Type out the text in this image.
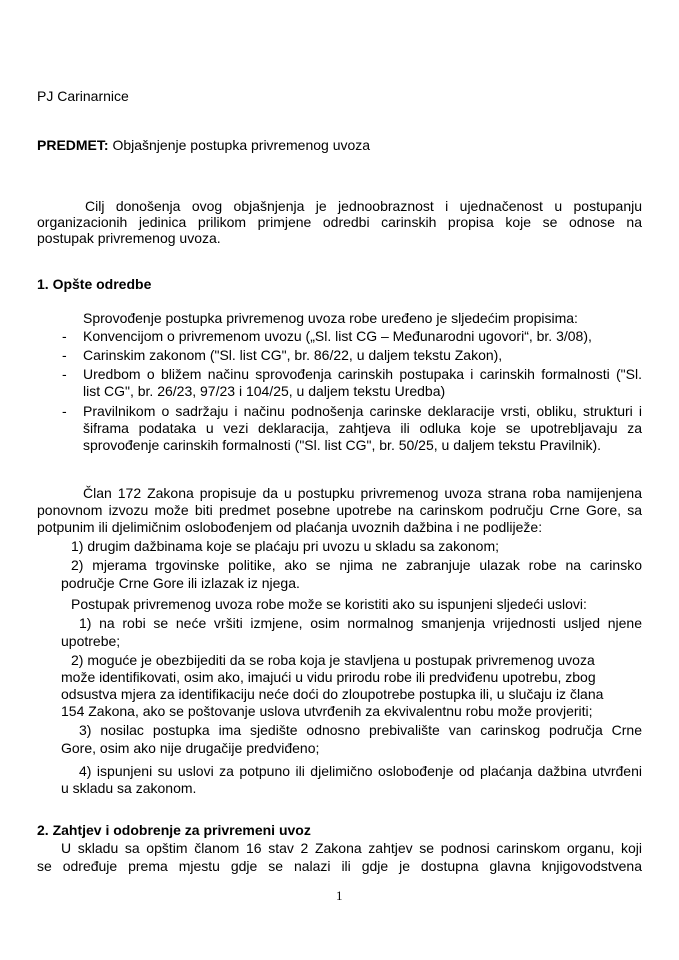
PJ Carinarnice
PREDMET: Objašnjenje postupka privremenog uvoza
Cilj donošenja ovog objašnjenja je jednoobraznost i ujednačenost u postupanju
organizacionih jedinica prilikom primjene odredbi carinskih propisa koje se odnose na
postupak privremenog uvoza.
1. Opšte odredbe
Sprovođenje postupka privremenog uvoza robe uređeno je sljedećim propisima:
- Konvencijom o privremenom uvozu („Sl. list CG – Međunarodni ugovori“, br. 3/08),
- Carinskim zakonom ("Sl. list CG", br. 86/22, u daljem tekstu Zakon),
- Uredbom o bližem načinu sprovođenja carinskih postupaka i carinskih formalnosti ("Sl.
list CG", br. 26/23, 97/23 i 104/25, u daljem tekstu Uredba)
- Pravilnikom o sadržaju i načinu podnošenja carinske deklaracije vrsti, obliku, strukturi i
šiframa podataka u vezi deklaracija, zahtjeva ili odluka koje se upotrebljavaju za
sprovođenje carinskih formalnosti ("Sl. list CG", br. 50/25, u daljem tekstu Pravilnik).
Član 172 Zakona propisuje da u postupku privremenog uvoza strana roba namijenjena
ponovnom izvozu može biti predmet posebne upotrebe na carinskom području Crne Gore, sa
potpunim ili djelimičnim oslobođenjem od plaćanja uvoznih dažbina i ne podliježe:
1) drugim dažbinama koje se plaćaju pri uvozu u skladu sa zakonom;
2) mjerama trgovinske politike, ako se njima ne zabranjuje ulazak robe na carinsko
područje Crne Gore ili izlazak iz njega.
Postupak privremenog uvoza robe može se koristiti ako su ispunjeni sljedeći uslovi:
1) na robi se neće vršiti izmjene, osim normalnog smanjenja vrijednosti usljed njene
upotrebe;
2) moguće je obezbijediti da se roba koja je stavljena u postupak privremenog uvoza
može identifikovati, osim ako, imajući u vidu prirodu robe ili predviđenu upotrebu, zbog
odsustva mjera za identifikaciju neće doći do zloupotrebe postupka ili, u slučaju iz člana
154 Zakona, ako se poštovanje uslova utvrđenih za ekvivalentnu robu može provjeriti;
3) nosilac postupka ima sjedište odnosno prebivalište van carinskog područja Crne
Gore, osim ako nije drugačije predviđeno;
4) ispunjeni su uslovi za potpuno ili djelimično oslobođenje od plaćanja dažbina utvrđeni
u skladu sa zakonom.
2. Zahtjev i odobrenje za privremeni uvoz
U skladu sa opštim članom 16 stav 2 Zakona zahtjev se podnosi carinskom organu, koji
se određuje prema mjestu gdje se nalazi ili gdje je dostupna glavna knjigovodstvena
1
